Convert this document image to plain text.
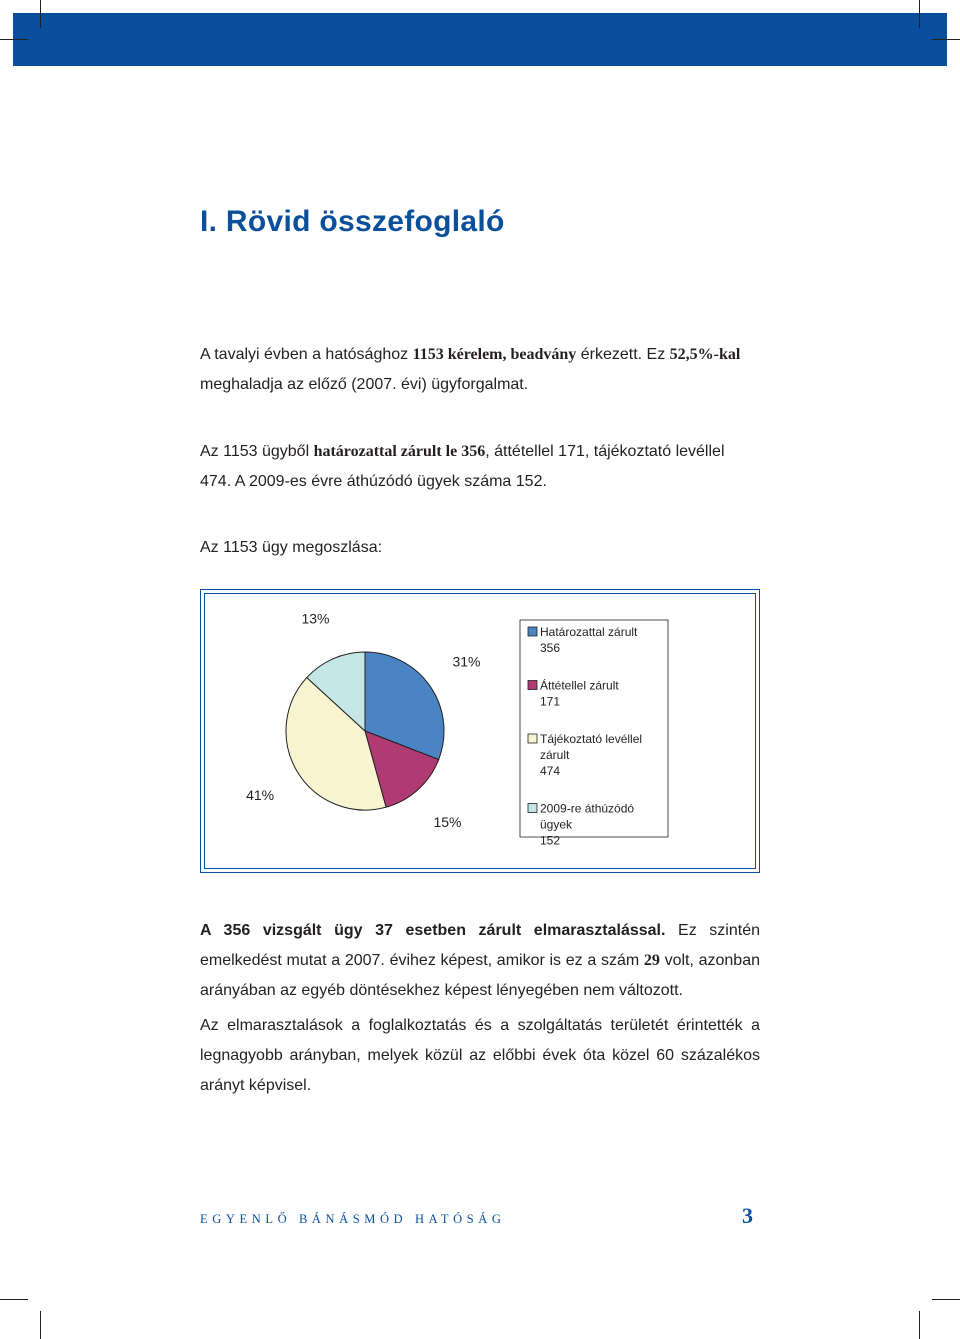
I. Rövid összefoglaló

A tavalyi évben a hatósághoz 1153 kérelem, beadvány érkezett. Ez 52,5%-kal meghaladja az előző (2007. évi) ügyforgalmat.

Az 1153 ügyből határozattal zárult le 356, áttétellel 171, tájékoztató levéllel 474. A 2009-es évre áthúzódó ügyek száma 152.

Az 1153 ügy megoszlása:

31%
15%
41%
13%
Határozattal zárult
356
Áttétellel zárult
171
Tájékoztató levéllel
zárult
474
2009-re áthúzódó
ügyek
152

A 356 vizsgált ügy 37 esetben zárult elmarasztalással. Ez szintén emelkedést mutat a 2007. évihez képest, amikor is ez a szám 29 volt, azonban arányában az egyéb döntésekhez képest lényegében nem változott.

Az elmarasztalások a foglalkoztatás és a szolgáltatás területét érintették a legnagyobb arányban, melyek közül az előbbi évek óta közel 60 százalékos arányt képvisel.

EGYENLŐ BÁNÁSMÓD HATÓSÁG	3
